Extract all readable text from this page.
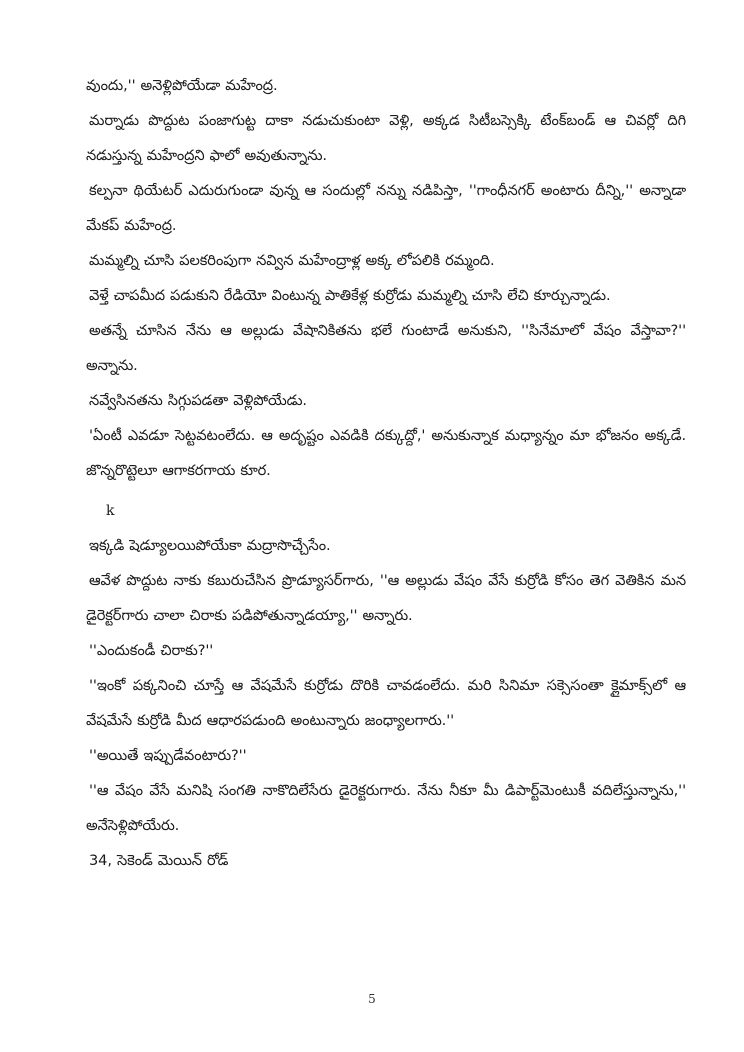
వుందు,'' అనెళ్లిపోయేడా మహేంద్ర.

మర్నాడు పొద్దుట పంజాగుట్ట దాకా నడుచుకుంటా వెళ్లి, అక్కడ సిటీబస్సెక్కి టేంక్‌బండ్ ఆ చివర్లో దిగి నడుస్తున్న మహేంద్రని ఫాలో అవుతున్నాను.

కల్పనా థియేటర్ ఎదురుగుండా వున్న ఆ సందుల్లో నన్ను నడిపిస్తా, ''గాంధీనగర్ అంటారు దీన్ని,'' అన్నాడా మేకప్ మహేంద్ర.

మమ్మల్ని చూసి పలకరింపుగా నవ్విన మహేంద్రాళ్ల అక్క లోపలికి రమ్మంది.

వెళ్తే చాపమీద పడుకుని రేడియో వింటున్న పాతికేళ్ల కుర్రోడు మమ్మల్ని చూసి లేచి కూర్చున్నాడు.

అతన్నే చూసిన నేను ఆ అల్లుడు వేషానికితను భలే గుంటాడే అనుకుని, ''సినేమాలో వేషం వేస్తావా?'' అన్నాను.

నవ్వేసినతను సిగ్గుపడతా వెళ్లిపోయేడు.

'ఏంటీ ఎవడూ సెట్టవటంలేదు. ఆ అదృష్టం ఎవడికి దక్కుద్దో,' అనుకున్నాక మధ్యాన్నం మా భోజనం అక్కడే. జొన్నరొట్టెలూ ఆగాకరగాయ కూర.

k

ఇక్కడి షెడ్యూలయిపోయేకా మద్రాసొచ్చేసేం.

ఆవేళ పొద్దుట నాకు కబురుచేసిన ప్రొడ్యూసర్‌గారు, ''ఆ అల్లుడు వేషం వేసే కుర్రోడి కోసం తెగ వెతికిన మన డైరెక్టర్‌గారు చాలా చిరాకు పడిపోతున్నాడయ్యా,'' అన్నారు.

''ఎందుకండీ చిరాకు?''

''ఇంకో పక్కనించి చూస్తే ఆ వేషమేసే కుర్రోడు దొరికి చావడంలేదు. మరి సినిమా సక్సెసంతా క్లైమాక్స్‌లో ఆ వేషమేసే కుర్రోడి మీద ఆధారపడుంది అంటున్నారు జంధ్యాలగారు.''

''అయితే ఇప్పుడేవంటారు?''

''ఆ వేషం వేసే మనిషి సంగతి నాకొదిలేసేరు డైరెక్టరుగారు. నేను నీకూ మీ డిపార్ట్‌మెంటుకీ వదిలేస్తున్నాను,'' అనేసెళ్లిపోయేరు.

34, సెకెండ్ మెయిన్ రోడ్

5
